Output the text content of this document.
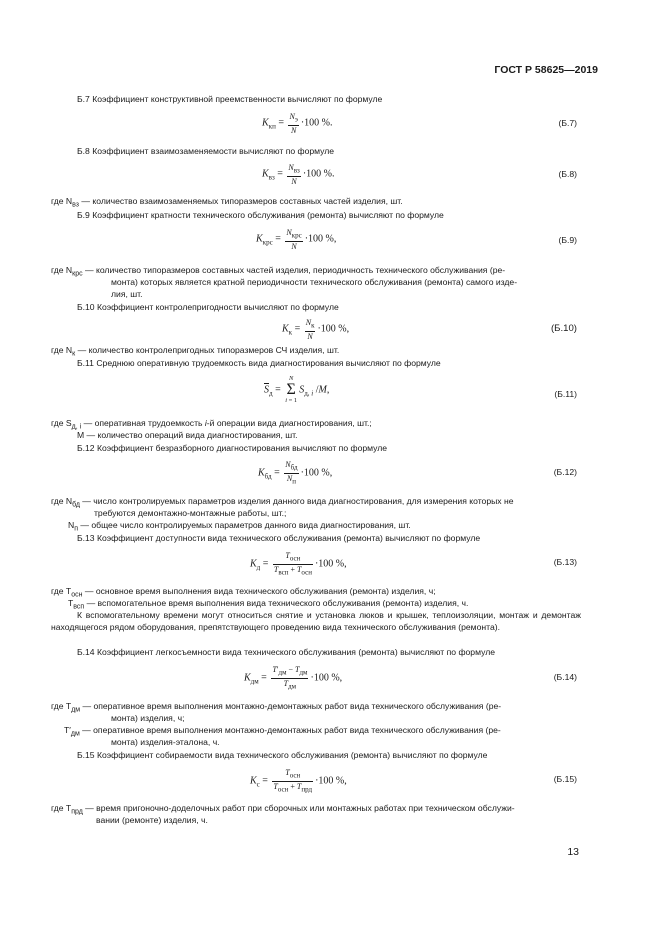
ГОСТ Р 58625—2019
Б.7 Коэффициент конструктивной преемственности вычисляют по формуле
$K_{кп} = \frac{N_э}{N} \cdot 100$ %.	(Б.7)
Б.8 Коэффициент взаимозаменяемости вычисляют по формуле
$K_{вз} = \frac{N_{вз}}{N} \cdot 100$ %.	(Б.8)
где $N_{вз}$ — количество взаимозаменяемых типоразмеров составных частей изделия, шт.
Б.9 Коэффициент кратности технического обслуживания (ремонта) вычисляют по формуле
$K_{крс} = \frac{N_{крс}}{N} \cdot 100$ %,	(Б.9)
где $N_{крс}$ — количество типоразмеров составных частей изделия, периодичность технического обслуживания (ре-
монта) которых является кратной периодичности технического обслуживания (ремонта) самого изде-
лия, шт.
Б.10 Коэффициент контролепригодности вычисляют по формуле
$K_к = \frac{N_к}{N} \cdot 100$ %,	(Б.10)
где $N_к$ — количество контролепригодных типоразмеров СЧ изделия, шт.
Б.11 Среднюю оперативную трудоемкость вида диагностирования вычисляют по формуле
$\overline{S}_д$ =
N
Σ
i = 1
$S_{д, i}$ /M,	(Б.11)
где $S_{д, i}$ — оперативная трудоемкость i-й операции вида диагностирования, шт.;
M — количество операций вида диагностирования, шт.
Б.12 Коэффициент безразборного диагностирования вычисляют по формуле
$K_{бд} = \frac{N_{бд}}{N_п} \cdot 100$ %,	(Б.12)
где $N_{бд}$ — число контролируемых параметров изделия данного вида диагностирования, для измерения которых не
требуются демонтажно-монтажные работы, шт.;
$N_п$ — общее число контролируемых параметров данного вида диагностирования, шт.
Б.13 Коэффициент доступности вида технического обслуживания (ремонта) вычисляют по формуле
$K_д = \frac{T_{осн}}{T_{всп} + T_{осн}} \cdot 100$ %,	(Б.13)
где $T_{осн}$ — основное время выполнения вида технического обслуживания (ремонта) изделия, ч;
$T_{всп}$ — вспомогательное время выполнения вида технического обслуживания (ремонта) изделия, ч.
К вспомогательному времени могут относиться снятие и установка люков и крышек, теплоизоляции, монтаж и демонтаж находящегося рядом оборудования, препятствующего проведению вида технического обслуживания (ремонта).
Б.14 Коэффициент легкосъемности вида технического обслуживания (ремонта) вычисляют по формуле
$K_{дм} = \frac{T'_{дм} - T_{дм}}{T_{дм}} \cdot 100$ %,	(Б.14)
где $T_{дм}$ — оперативное время выполнения монтажно-демонтажных работ вида технического обслуживания (ре-
монта) изделия, ч;
$T'_{дм}$ — оперативное время выполнения монтажно-демонтажных работ вида технического обслуживания (ре-
монта) изделия-эталона, ч.
Б.15 Коэффициент собираемости вида технического обслуживания (ремонта) вычисляют по формуле
$K_с = \frac{T_{осн}}{T_{осн} + T_{прд}} \cdot 100$ %,	(Б.15)
где $T_{прд}$ — время пригоночно-доделочных работ при сборочных или монтажных работах при техническом обслужи-
вании (ремонте) изделия, ч.
13
